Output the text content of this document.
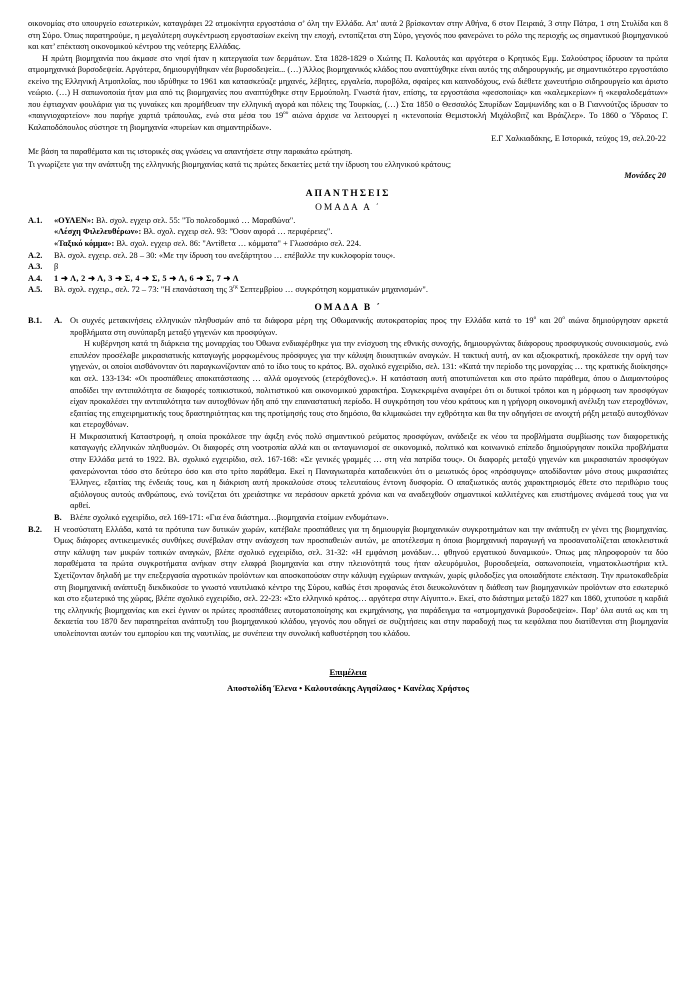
οικονομίας στο υπουργείο εσωτερικών, καταγράφει 22 ατμοκίνητα εργοστάσια σ’ όλη την Ελλάδα. Απ’ αυτά 2 βρίσκονταν στην Αθήνα, 6 στον Πειραιά, 3 στην Πάτρα, 1 στη Στυλίδα και 8 στη Σύρο. Όπως παρατηρούμε, η μεγαλύτερη συγκέντρωση εργοστασίων εκείνη την εποχή, εντοπίζεται στη Σύρο, γεγονός που φανερώνει το ρόλο της περιοχής ως σημαντικού βιομηχανικού και κατ’ επέκταση οικονομικού κέντρου της νεότερης Ελλάδας.

Η πρώτη βιομηχανία που άκμασε στο νησί ήταν η κατεργασία των δερμάτων. Στα 1828-1829 ο Χιώτης Π. Καλουτάς και αργότερα ο Κρητικός Εμμ. Σαλούστρος ίδρυσαν τα πρώτα ατμομηχανικά βυρσοδεψεία. Αργότερα, δημιουργήθηκαν νέα βυρσοδεψεία... (…) Άλλος βιομηχανικός κλάδος που αναπτύχθηκε είναι αυτός της σιδηρουργικής, με σημαντικότερο εργοστάσιο εκείνο της Ελληνική Ατμοπλοΐας, που ιδρύθηκε το 1961 και κατασκεύαζε μηχανές, λέβητες, εργαλεία, πυροβόλα, σφαίρες και καπνοδόχους, ενώ διέθετε χωνευτήριο σιδηρουργείο και άριστο νεώριο. (…) Η σαπωνοποιία ήταν μια από τις βιομηχανίες που αναπτύχθηκε στην Ερμούπολη. Γνωστά ήταν, επίσης, τα εργοστάσια «φεσοποιίας» και «καλεμκερίων» ή «κεφαλοδεμάτων» που έφτιαχναν φουλάρια για τις γυναίκες και προμήθευαν την ελληνική αγορά και πόλεις της Τουρκίας, (…) Στα 1850 ο Θεσσαλός Σπυρίδων Σαμψωνίδης και ο Β Γιαννούτζος ίδρυσαν το «παιγνιοχαρτείον» που παρήγε χαρτιά τράπουλας, ενώ στα μέσα του $19^{o\upsilon}$ αιώνα άρχισε να λειτουργεί η «κτενοποιία Θεμιστοκλή Μιχάλοβιτζ και Βράιζλερ». Το 1860 ο Ύδραιος Γ. Καλαποδόπουλος σύστησε τη βιομηχανία «πυρείων και σημαντηρίδων».

Ε.Γ Χαλκιαδάκης, Ε Ιστορικά, τεύχος 19, σελ.20-22
Με βάση τα παραθέματα και τις ιστορικές σας γνώσεις να απαντήσετε στην παρακάτω ερώτηση.
Τι γνωρίζετε για την ανάπτυξη της ελληνικής βιομηχανίας κατά τις πρώτες δεκαετίες μετά την ίδρυση του ελληνικού κράτους;
Μονάδες 20
ΑΠΑΝΤΗΣΕΙΣ
ΟΜΑΔΑ Α ΄
Α.1.	«ΟΥΛΕΝ»: Βλ. σχολ. εγχειρ σελ. 55: "Το πολεοδομικό … Μαραθώνα".

«Λέσχη Φιλελευθέρων»: Βλ. σχολ. εγχειρ σελ. 93: "Όσον αφορά … περιφέρειες".

«Ταξικό κόμμα»: Βλ. σχολ. εγχειρ σελ. 86: "Αντίθετα … κόμματα" + Γλωσσάριο σελ. 224.

Α.2.	Βλ. σχολ. εγχειρ. σελ. 28 – 30: «Με την ίδρυση του ανεξάρτητου … επέβαλλε την κυκλοφορία τους».
Α.3.	β
Α.4.	1 ➜ Λ, 2 ➜ Λ, 3 ➜ Σ, 4 ➜ Σ, 5 ➜ Λ, 6 ➜ Σ, 7 ➜ Λ
Α.5.	Βλ. σχολ. εγχειρ., σελ. 72 – 73: "Η επανάσταση της $3^{\eta\varsigma}$ Σεπτεμβρίου … συγκρότηση κομματικών μηχανισμών".
ΟΜΑΔΑ Β ΄
Β.1.	Α. Οι συχνές μετακινήσεις ελληνικών πληθυσμών από τα διάφορα μέρη της Οθωμανικής αυτοκρατορίας προς την Ελλάδα κατά το $19^o$ και $20^o$ αιώνα δημιούργησαν αρκετά προβλήματα στη συνύπαρξη μεταξύ γηγενών και προσφύγων.

Η κυβέρνηση κατά τη διάρκεια της μοναρχίας του Όθωνα ενδιαφέρθηκε για την ενίσχυση της εθνικής συνοχής, δημιουργώντας διάφορους προσφυγικούς συνοικισμούς, ενώ επιπλέον προσέλαβε μικρασιατικής καταγωγής μορφωμένους πρόσφυγες για την κάλυψη διοικητικών αναγκών. Η τακτική αυτή, αν και αξιοκρατική, προκάλεσε την οργή των γηγενών, οι οποίοι αισθάνονταν ότι παραγκωνίζονταν από το ίδιο τους το κράτος. Βλ. σχολικό εγχειρίδιο, σελ. 131: «Κατά την περίοδο της μοναρχίας … της κρατικής διοίκησης» και σελ. 133-134: «Οι προσπάθειες αποκατάστασης … αλλά ομογενούς (ετερόχθονες).». Η κατάσταση αυτή αποτυπώνεται και στο πρώτο παράθεμα, όπου ο Διαμαντούρος αποδίδει την αντιπαλότητα σε διαφορές τοπικιστικού, πολιτιστικού και οικονομικού χαρακτήρα. Συγκεκριμένα αναφέρει ότι οι δυτικοί τρόποι και η μόρφωση των προσφύγων είχαν προκαλέσει την αντιπαλότητα των αυτοχθόνων ήδη από την επαναστατική περίοδο. Η συγκρότηση του νέου κράτους και η γρήγορη οικονομική ανέλιξη των ετεροχθόνων, εξαιτίας της επιχειρηματικής τους δραστηριότητας και της προτίμησής τους στο δημόσιο, θα κλιμακώσει την εχθρότητα και θα την οδηγήσει σε ανοιχτή ρήξη μεταξύ αυτοχθόνων και ετεροχθόνων.

Η Μικρασιατική Καταστροφή, η οποία προκάλεσε την άφιξη ενός πολύ σημαντικού ρεύματος προσφύγων, ανάδειξε εκ νέου τα προβλήματα συμβίωσης των διαφορετικής καταγωγής ελληνικών πληθυσμών. Οι διαφορές στη νοοτροπία αλλά και οι ανταγωνισμοί σε οικονομικό, πολιτικό και κοινωνικό επίπεδο δημιούργησαν ποικίλα προβλήματα στην Ελλάδα μετά το 1922. Βλ. σχολικό εγχειρίδιο, σελ. 167-168: «Σε γενικές γραμμές … στη νέα πατρίδα τους». Οι διαφορές μεταξύ γηγενών και μικρασιατών προσφύγων φανερώνονται τόσο στο δεύτερο όσο και στο τρίτο παράθεμα. Εκεί η Παναγιωταρέα καταδεικνύει ότι ο μειωτικός όρος «πρόσφυγας» αποδίδονταν μόνο στους μικρασιάτες Έλληνες, εξαιτίας της ένδειάς τους, και η διάκριση αυτή προκαλούσε στους τελευταίους έντονη δυσφορία. Ο απαξιωτικός αυτός χαρακτηρισμός έθετε στο περιθώριο τους αξιόλογους αυτούς ανθρώπους, ενώ τονίζεται ότι χρειάστηκε να περάσουν αρκετά χρόνια και να αναδειχθούν σημαντικοί καλλιτέχνες και επιστήμονες ανάμεσά τους για να αρθεί.

Β. Βλέπε σχολικό εγχειρίδιο, σελ 169-171: «Για ένα διάστημα…βιομηχανία ετοίμων ενδυμάτων».
Β.2.	Η νεοσύστατη Ελλάδα, κατά τα πρότυπα των δυτικών χωρών, κατέβαλε προσπάθειες για τη δημιουργία βιομηχανικών συγκροτημάτων και την ανάπτυξη εν γένει της βιομηχανίας. Όμως διάφορες αντικειμενικές συνθήκες συνέβαλαν στην ανάσχεση των προσπαθειών αυτών, με αποτέλεσμα η όποια βιομηχανική παραγωγή να προσανατολίζεται αποκλειστικά στην κάλυψη των μικρών τοπικών αναγκών, βλέπε σχολικό εγχειρίδιο, σελ. 31-32: «Η εμφάνιση μονάδων… φθηνού εργατικού δυναμικού». Όπως μας πληροφορούν τα δύο παραθέματα τα πρώτα συγκροτήματα ανήκαν στην ελαφρά βιομηχανία και στην πλειονότητά τους ήταν αλευρόμυλοι, βυρσοδεψεία, σαπωνοποιεία, νηματοκλωστήρια κτλ. Σχετίζονταν δηλαδή με την επεξεργασία αγροτικών προϊόντων και αποσκοπούσαν στην κάλυψη εγχώριων αναγκών, χωρίς φιλοδοξίες για οποιαδήποτε επέκταση. Την πρωτοκαθεδρία στη βιομηχανική ανάπτυξη διεκδικούσε το γνωστό ναυτιλιακό κέντρο της Σύρου, καθώς έτσι προφανώς έτσι διευκολυνόταν η διάθεση των βιομηχανικών προϊόντων στο εσωτερικό και στο εξωτερικό της χώρας, βλέπε σχολικό εγχειρίδιο, σελ. 22-23: «Στο ελληνικό κράτος… αργότερα στην Αίγυπτο.». Εκεί, στο διάστημα μεταξύ 1827 και 1860, χτυπούσε η καρδιά της ελληνικής βιομηχανίας και εκεί έγιναν οι πρώτες προσπάθειες αυτοματοποίησης και εκμηχάνισης, για παράδειγμα τα «ατμομηχανικά βυρσοδεψεία». Παρ’ όλα αυτά ως και τη δεκαετία του 1870 δεν παρατηρείται ανάπτυξη του βιομηχανικού κλάδου, γεγονός που οδηγεί σε συζητήσεις και στην παραδοχή πως τα κεφάλαια που διατίθενται στη βιομηχανία υπολείπονται αυτών του εμπορίου και της ναυτιλίας, με συνέπεια την συνολική καθυστέρηση του κλάδου.

Επιμέλεια
Αποστολίδη Έλενα • Καλουτσάκης Αγησίλαος • Κανέλας Χρήστος
